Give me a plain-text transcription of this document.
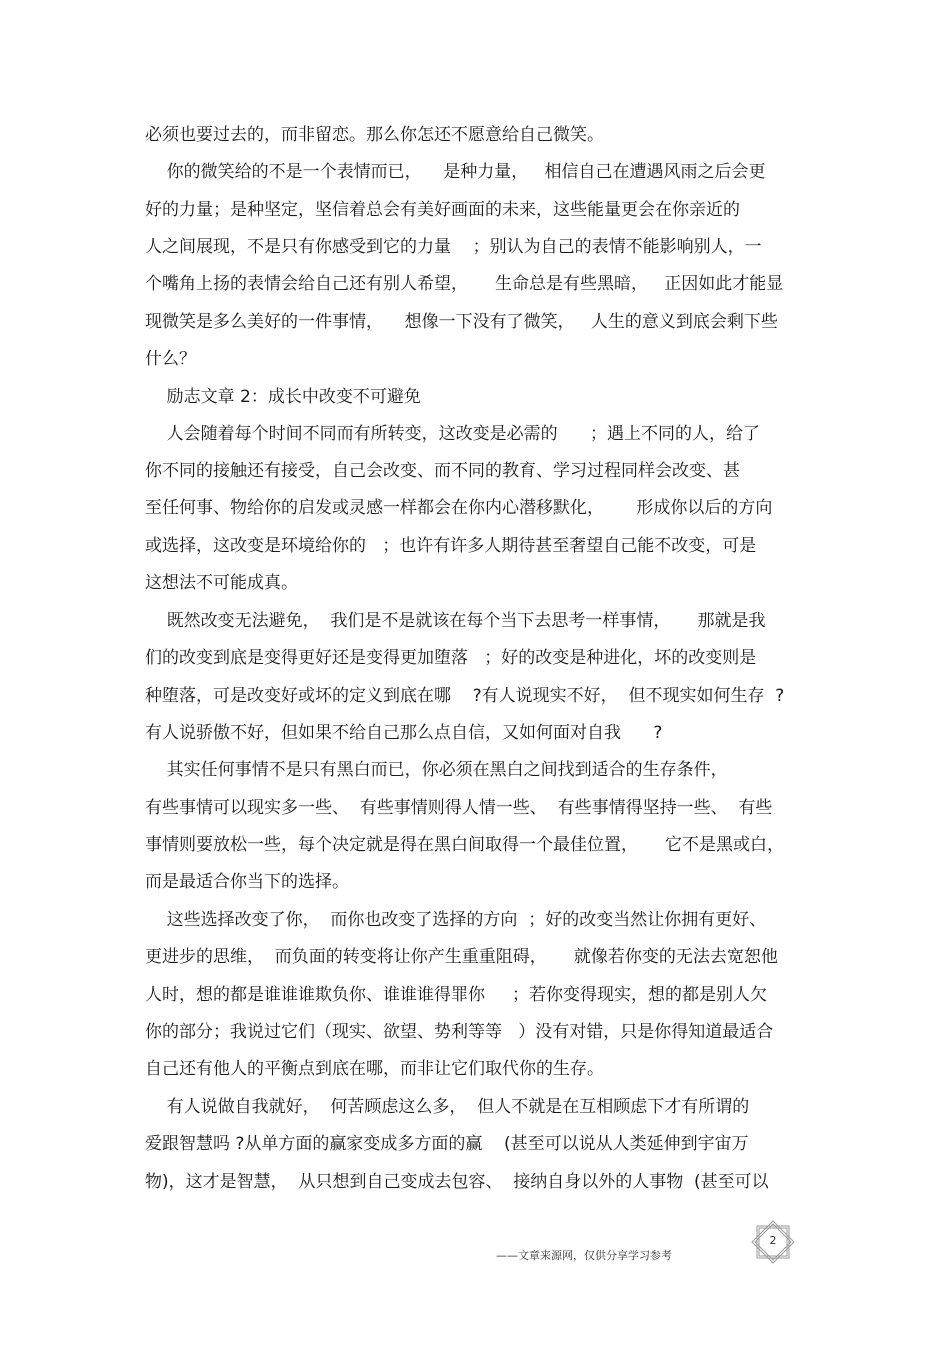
必须也要过去的，而非留恋。那么你怎还不愿意给自己微笑。
你的微笑给的不是一个表情而已，    是种力量，   相信自己在遭遇风雨之后会更
好的力量；是种坚定，坚信着总会有美好画面的未来，这些能量更会在你亲近的
人之间展现，不是只有你感受到它的力量    ；别认为自己的表情不能影响别人，一
个嘴角上扬的表情会给自己还有别人希望，     生命总是有些黑暗，   正因如此才能显
现微笑是多么美好的一件事情，    想像一下没有了微笑，   人生的意义到底会剩下些
什么？
励志文章 2：成长中改变不可避免
人会随着每个时间不同而有所转变，这改变是必需的      ；遇上不同的人，给了
你不同的接触还有接受，自己会改变、而不同的教育、学习过程同样会改变、甚
至任何事、物给你的启发或灵感一样都会在你内心潜移默化，      形成你以后的方向
或选择，这改变是环境给你的   ；也许有许多人期待甚至奢望自己能不改变，可是
这想法不可能成真。
既然改变无法避免，  我们是不是就该在每个当下去思考一样事情，     那就是我
们的改变到底是变得更好还是变得更加堕落   ；好的改变是种进化，坏的改变则是
种堕落，可是改变好或坏的定义到底在哪    ?有人说现实不好，  但不现实如何生存  ?
有人说骄傲不好，但如果不给自己那么点自信，又如何面对自我      ?
其实任何事情不是只有黑白而已，你必须在黑白之间找到适合的生存条件，
有些事情可以现实多一些、  有些事情则得人情一些、  有些事情得坚持一些、  有些
事情则要放松一些，每个决定就是得在黑白间取得一个最佳位置，     它不是黑或白，
而是最适合你当下的选择。
这些选择改变了你，  而你也改变了选择的方向  ；好的改变当然让你拥有更好、
更进步的思维，  而负面的转变将让你产生重重阻碍，     就像若你变的无法去宽恕他
人时，想的都是谁谁谁欺负你、谁谁谁得罪你     ；若你变得现实，想的都是别人欠
你的部分；我说过它们（现实、欲望、势利等等   ）没有对错，只是你得知道最适合
自己还有他人的平衡点到底在哪，而非让它们取代你的生存。
有人说做自我就好，  何苦顾虑这么多，  但人不就是在互相顾虑下才有所谓的
爱跟智慧吗 ?从单方面的赢家变成多方面的赢    (甚至可以说从人类延伸到宇宙万
物)，这才是智慧，  从只想到自己变成去包容、  接纳自身以外的人事物  (甚至可以
——文章来源网，仅供分享学习参考
2
